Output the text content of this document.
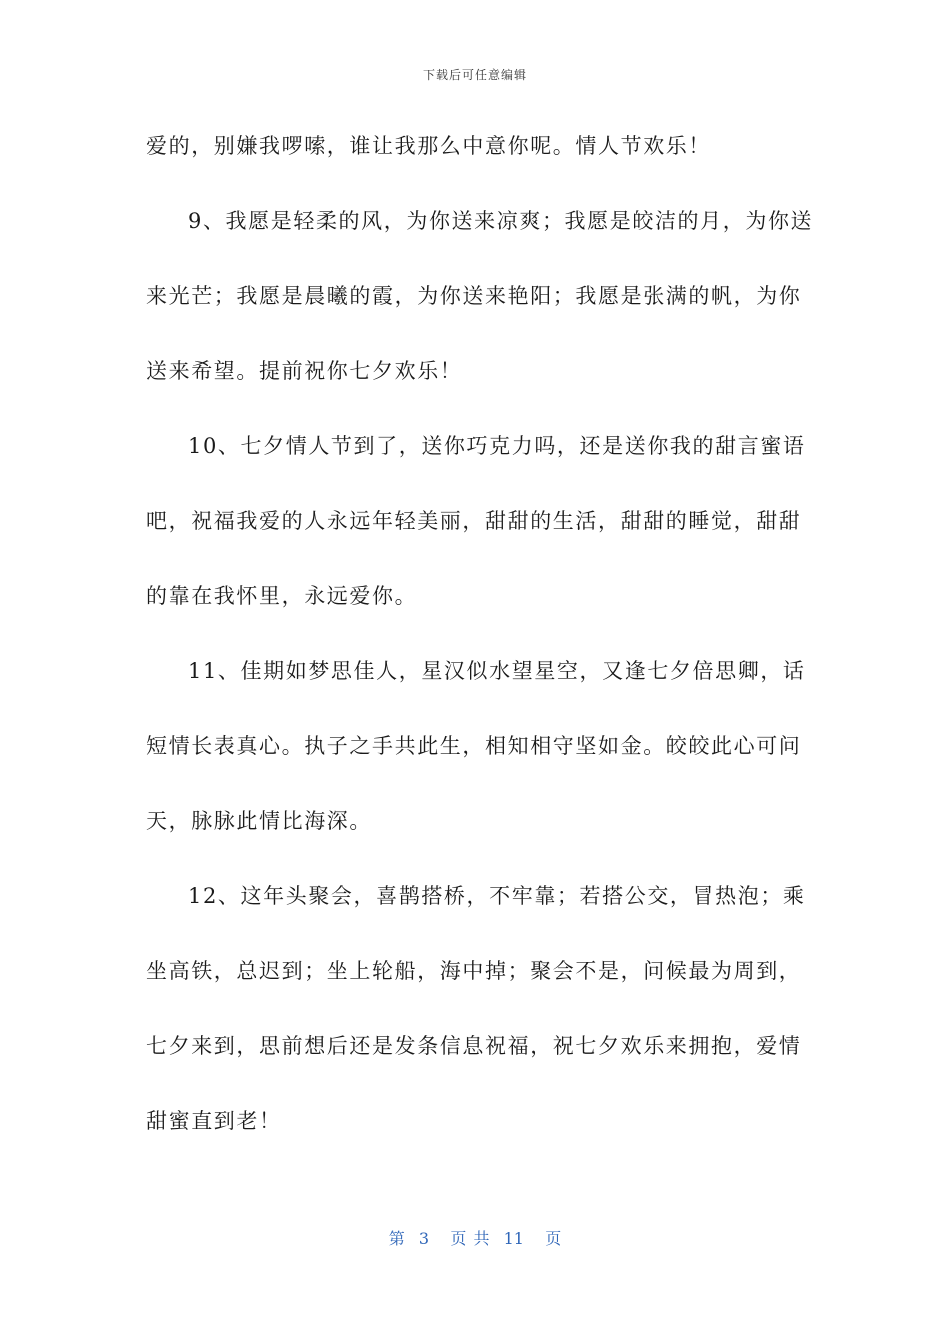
下载后可任意编辑
爱的，别嫌我啰嗦，谁让我那么中意你呢。情人节欢乐！
9、我愿是轻柔的风，为你送来凉爽；我愿是皎洁的月，为你送
来光芒；我愿是晨曦的霞，为你送来艳阳；我愿是张满的帆，为你
送来希望。提前祝你七夕欢乐！
10、七夕情人节到了，送你巧克力吗，还是送你我的甜言蜜语
吧，祝福我爱的人永远年轻美丽，甜甜的生活，甜甜的睡觉，甜甜
的靠在我怀里，永远爱你。
11、佳期如梦思佳人，星汉似水望星空，又逢七夕倍思卿，话
短情长表真心。执子之手共此生，相知相守坚如金。皎皎此心可问
天，脉脉此情比海深。
12、这年头聚会，喜鹊搭桥，不牢靠；若搭公交，冒热泡；乘
坐高铁，总迟到；坐上轮船，海中掉；聚会不是，问候最为周到，
七夕来到，思前想后还是发条信息祝福，祝七夕欢乐来拥抱，爱情
甜蜜直到老！
第  3   页 共  11   页
